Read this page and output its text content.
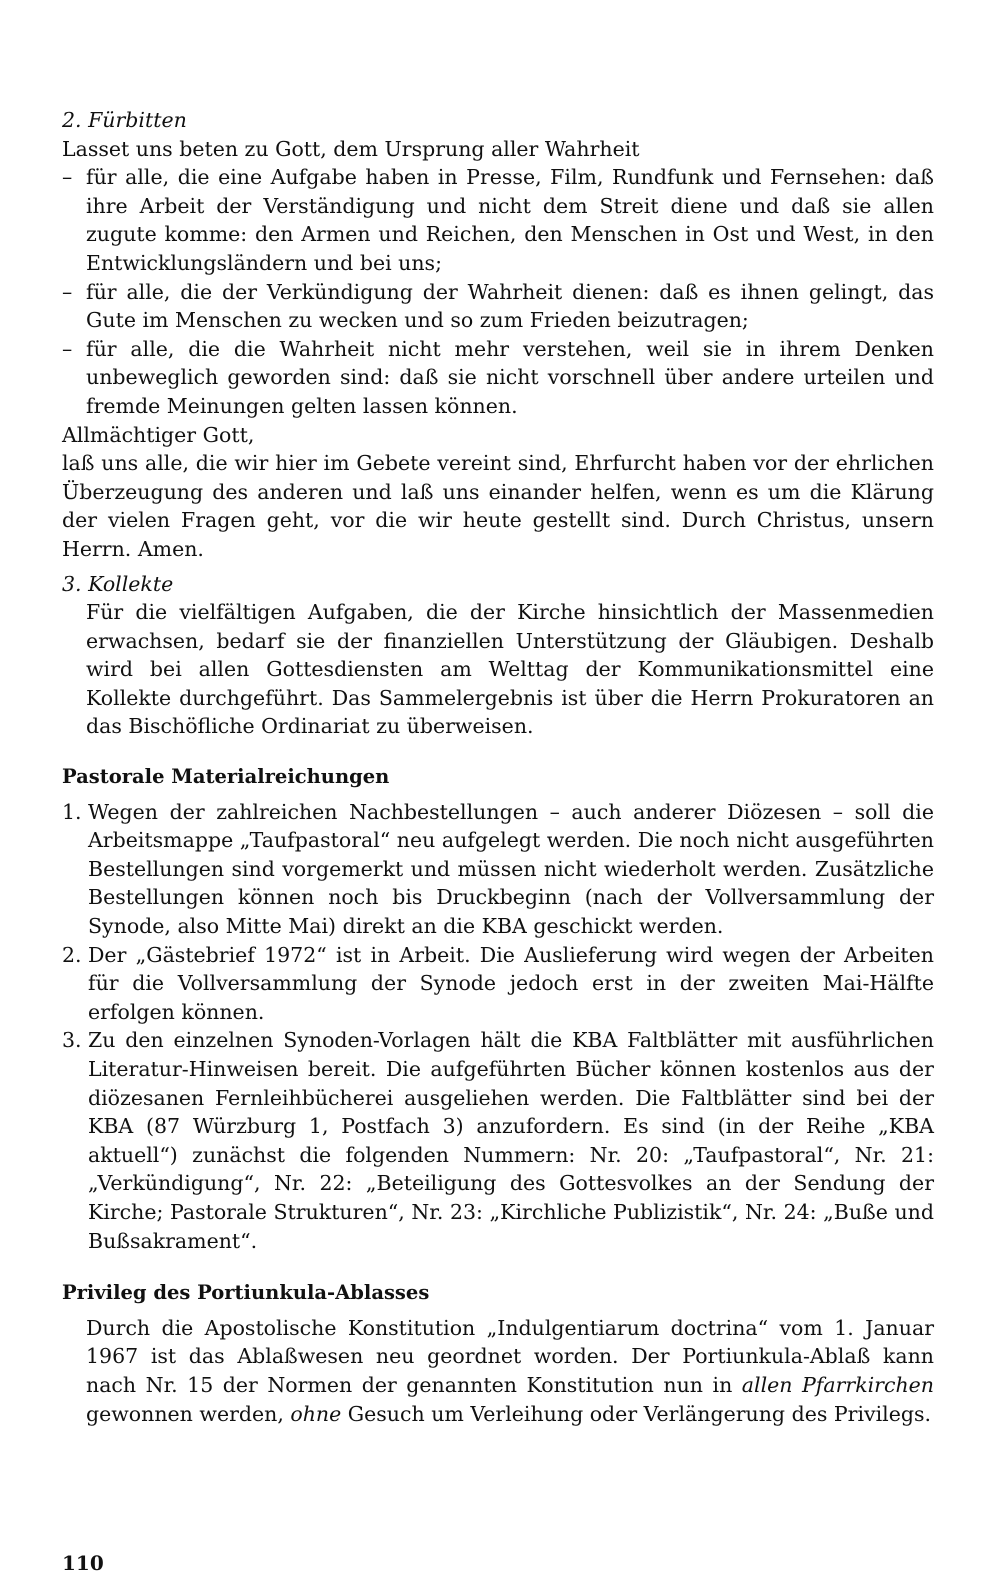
2. Fürbitten

Lasset uns beten zu Gott, dem Ursprung aller Wahrheit

– für alle, die eine Aufgabe haben in Presse, Film, Rundfunk und Fernsehen: daß ihre Arbeit der Verständigung und nicht dem Streit diene und daß sie allen zugute komme: den Armen und Reichen, den Menschen in Ost und West, in den Entwicklungsländern und bei uns;
– für alle, die der Verkündigung der Wahrheit dienen: daß es ihnen gelingt, das Gute im Menschen zu wecken und so zum Frieden beizutragen;
– für alle, die die Wahrheit nicht mehr verstehen, weil sie in ihrem Denken unbeweglich geworden sind: daß sie nicht vorschnell über andere urteilen und fremde Meinungen gelten lassen können.

Allmächtiger Gott,

laß uns alle, die wir hier im Gebete vereint sind, Ehrfurcht haben vor der ehrlichen Überzeugung des anderen und laß uns einander helfen, wenn es um die Klärung der vielen Fragen geht, vor die wir heute gestellt sind. Durch Christus, unsern Herrn. Amen.

3. Kollekte

Für die vielfältigen Aufgaben, die der Kirche hinsichtlich der Massenmedien erwachsen, bedarf sie der finanziellen Unterstützung der Gläubigen. Deshalb wird bei allen Gottesdiensten am Welttag der Kommunikationsmittel eine Kollekte durchgeführt. Das Sammelergebnis ist über die Herrn Prokuratoren an das Bischöfliche Ordinariat zu überweisen.

Pastorale Materialreichungen

1. Wegen der zahlreichen Nachbestellungen – auch anderer Diözesen – soll die Arbeitsmappe „Taufpastoral“ neu aufgelegt werden. Die noch nicht ausgeführten Bestellungen sind vorgemerkt und müssen nicht wiederholt werden. Zusätzliche Bestellungen können noch bis Druckbeginn (nach der Vollversammlung der Synode, also Mitte Mai) direkt an die KBA geschickt werden.
2. Der „Gästebrief 1972“ ist in Arbeit. Die Auslieferung wird wegen der Arbeiten für die Vollversammlung der Synode jedoch erst in der zweiten Mai-Hälfte erfolgen können.
3. Zu den einzelnen Synoden-Vorlagen hält die KBA Faltblätter mit ausführlichen Literatur-Hinweisen bereit. Die aufgeführten Bücher können kostenlos aus der diözesanen Fernleihbücherei ausgeliehen werden. Die Faltblätter sind bei der KBA (87 Würzburg 1, Postfach 3) anzufordern. Es sind (in der Reihe „KBA aktuell“) zunächst die folgenden Nummern: Nr. 20: „Taufpastoral“, Nr. 21: „Verkündigung“, Nr. 22: „Beteiligung des Gottesvolkes an der Sendung der Kirche; Pastorale Strukturen“, Nr. 23: „Kirchliche Publizistik“, Nr. 24: „Buße und Bußsakrament“.

Privileg des Portiunkula-Ablasses

Durch die Apostolische Konstitution „Indulgentiarum doctrina“ vom 1. Januar 1967 ist das Ablaßwesen neu geordnet worden. Der Portiunkula-Ablaß kann nach Nr. 15 der Normen der genannten Konstitution nun in allen Pfarrkirchen gewonnen werden, ohne Gesuch um Verleihung oder Verlängerung des Privilegs.

110
